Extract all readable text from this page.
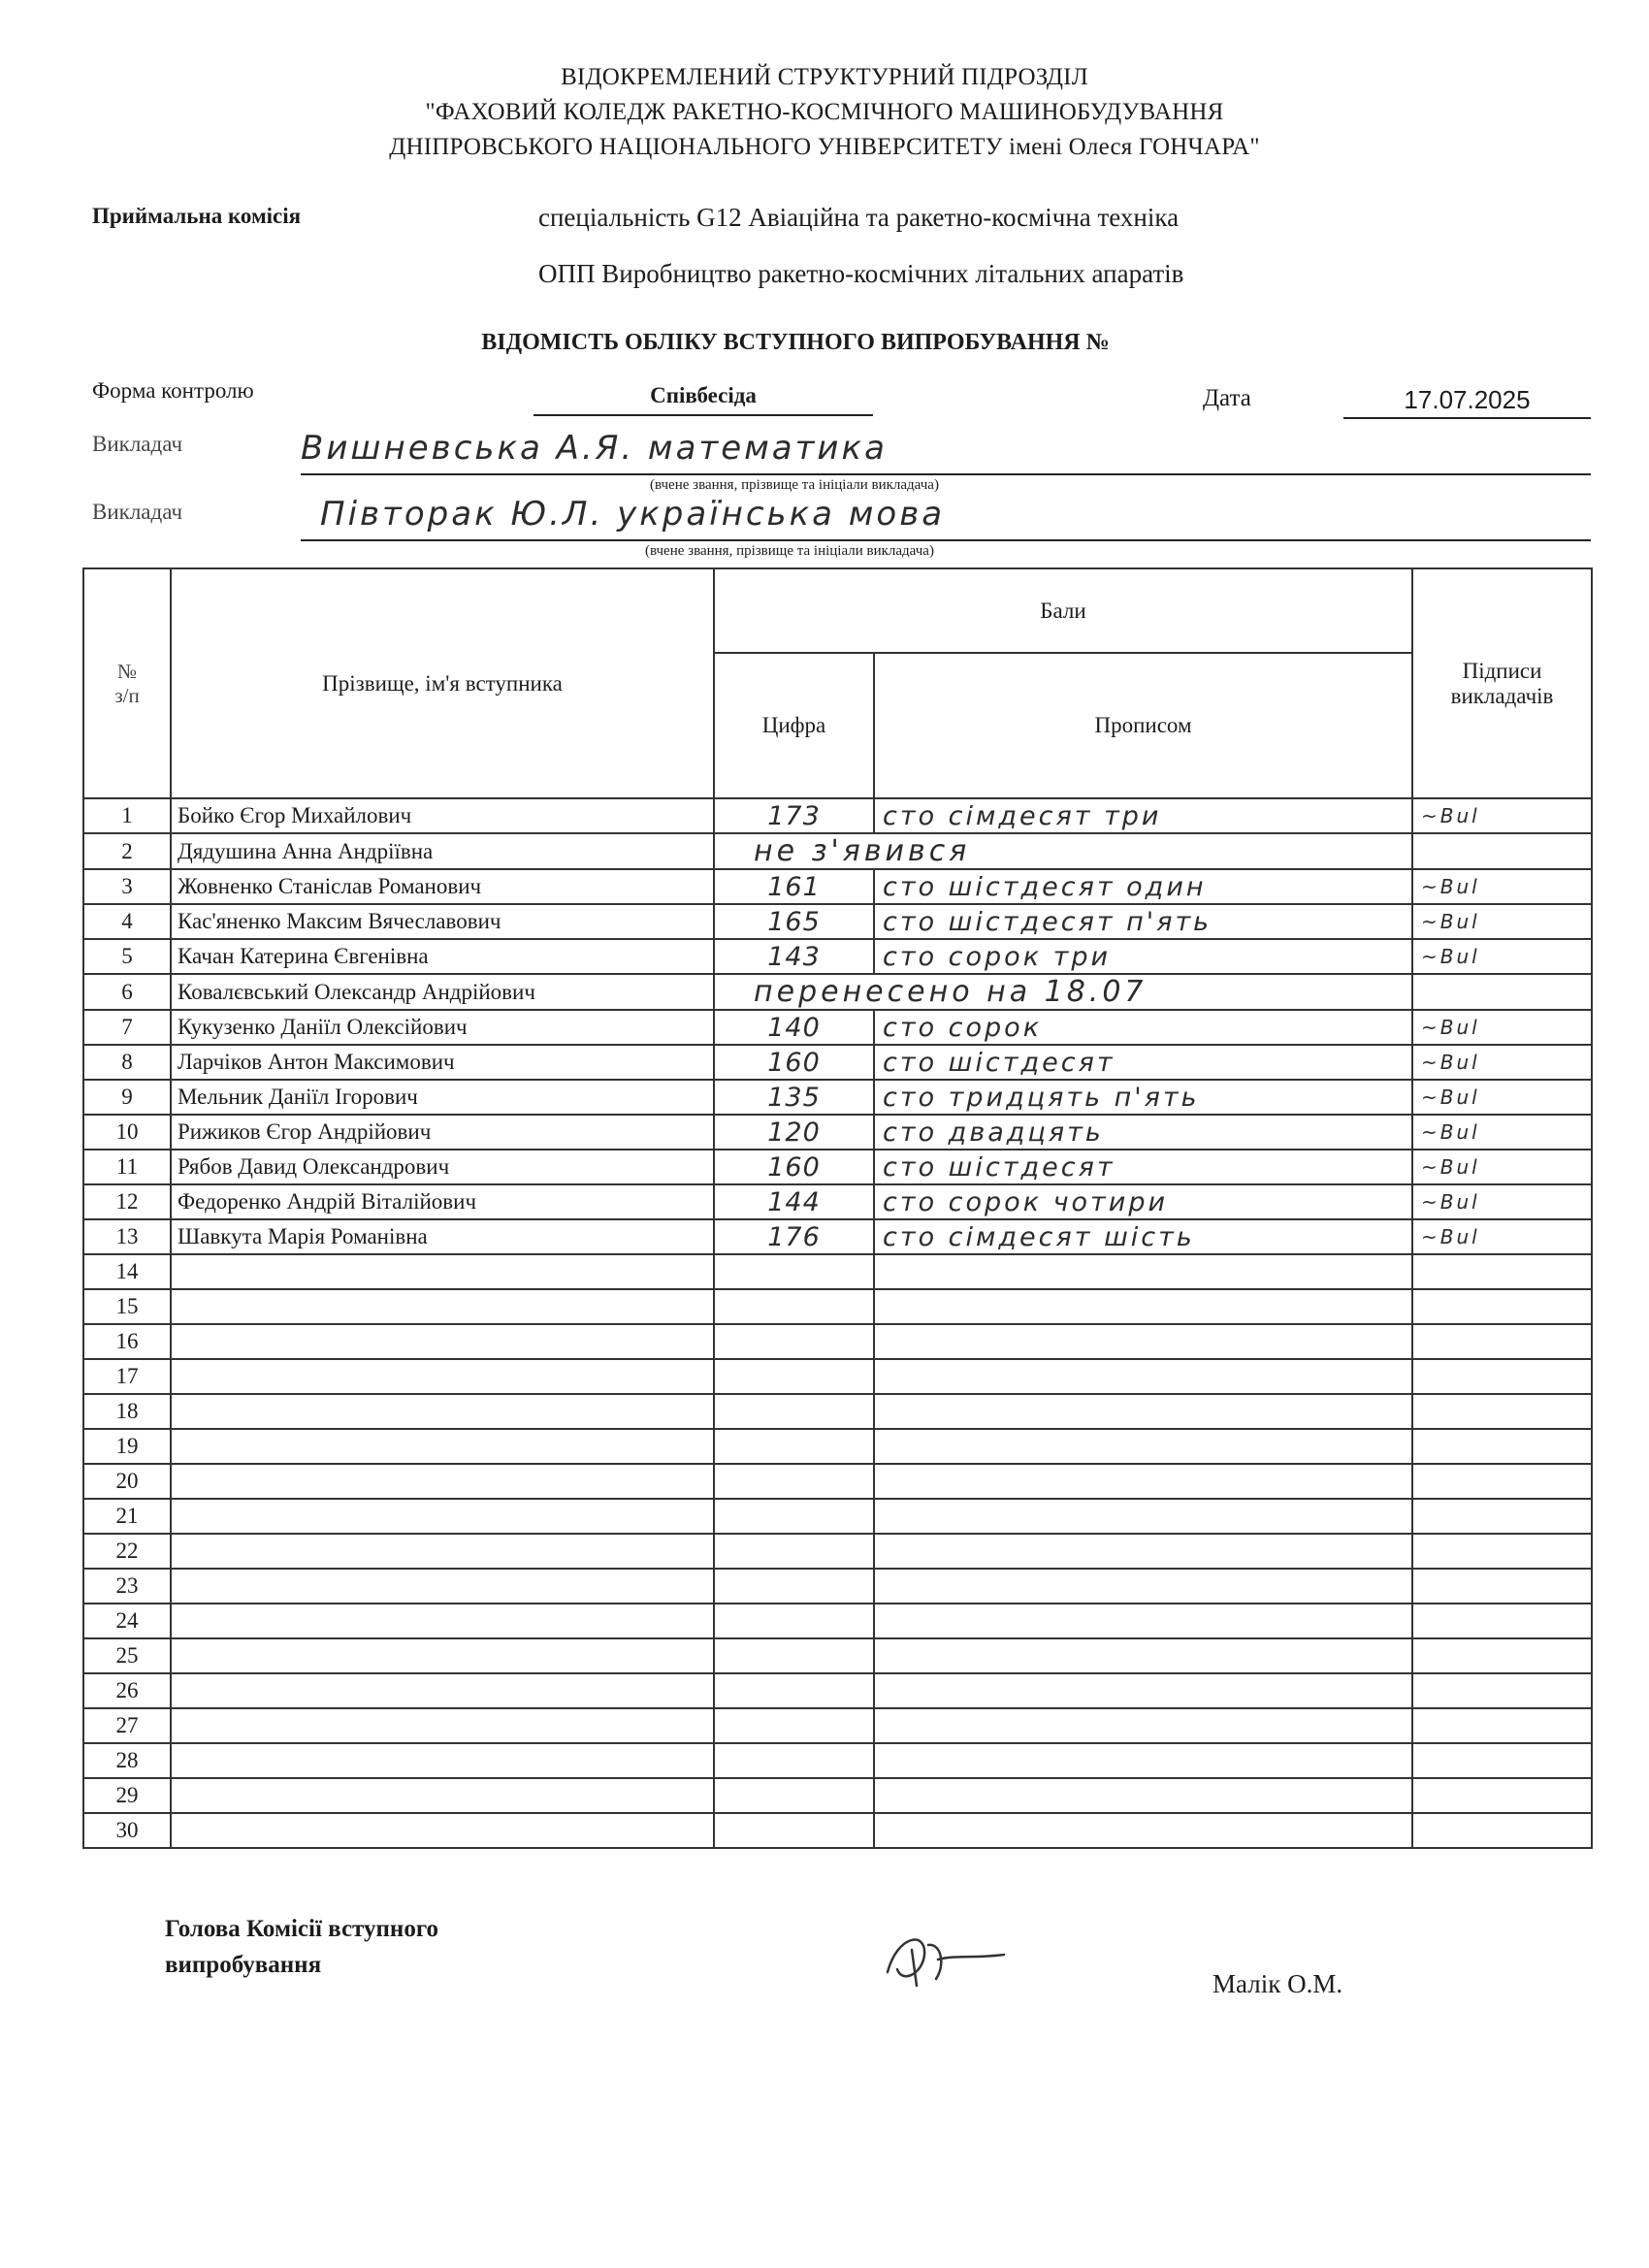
ВІДОКРЕМЛЕНИЙ СТРУКТУРНИЙ ПІДРОЗДІЛ
"ФАХОВИЙ КОЛЕДЖ РАКЕТНО-КОСМІЧНОГО МАШИНОБУДУВАННЯ
ДНІПРОВСЬКОГО НАЦІОНАЛЬНОГО УНІВЕРСИТЕТУ імені Олеся ГОНЧАРА"
Приймальна комісія	спеціальність G12 Авіаційна та ракетно-космічна техніка
ОПП Виробництво ракетно-космічних літальних апаратів
ВІДОМІСТЬ ОБЛІКУ ВСТУПНОГО ВИПРОБУВАННЯ №
Форма контролю	Співбесіда	Дата	17.07.2025
Викладач	Вишневська А.Я. математика
(вчене звання, прізвище та ініціали викладача)
Викладач	Півторак Ю.Л. українська мова
(вчене звання, прізвище та ініціали викладача)
№
з/п	Прізвище, ім'я вступника	Бали		Підписи
викладачів
		Цифра	Прописом	
1	Бойко Єгор Михайлович	173	сто сімдесят три	~Bul
2	Дядушина Анна Андріївна	не з'явився		
3	Жовненко Станіслав Романович	161	сто шістдесят один	~Bul
4	Кас'яненко Максим Вячеславович	165	сто шістдесят п'ять	~Bul
5	Качан Катерина Євгенівна	143	сто сорок три	~Bul
6	Ковалєвський Олександр Андрійович	перенесено на 18.07		
7	Кукузенко Даніїл Олексійович	140	сто сорок	~Bul
8	Ларчіков Антон Максимович	160	сто шістдесят	~Bul
9	Мельник Даніїл Ігорович	135	сто тридцять п'ять	~Bul
10	Рижиков Єгор Андрійович	120	сто двадцять	~Bul
11	Рябов Давид Олександрович	160	сто шістдесят	~Bul
12	Федоренко Андрій Віталійович	144	сто сорок чотири	~Bul
13	Шавкута Марія Романівна	176	сто сімдесят шість	~Bul
14				
15				
16				
17				
18				
19				
20				
21				
22				
23				
24				
25				
26				
27				
28				
29				
30				
Голова Комісії вступного
випробування
Малік О.М.
